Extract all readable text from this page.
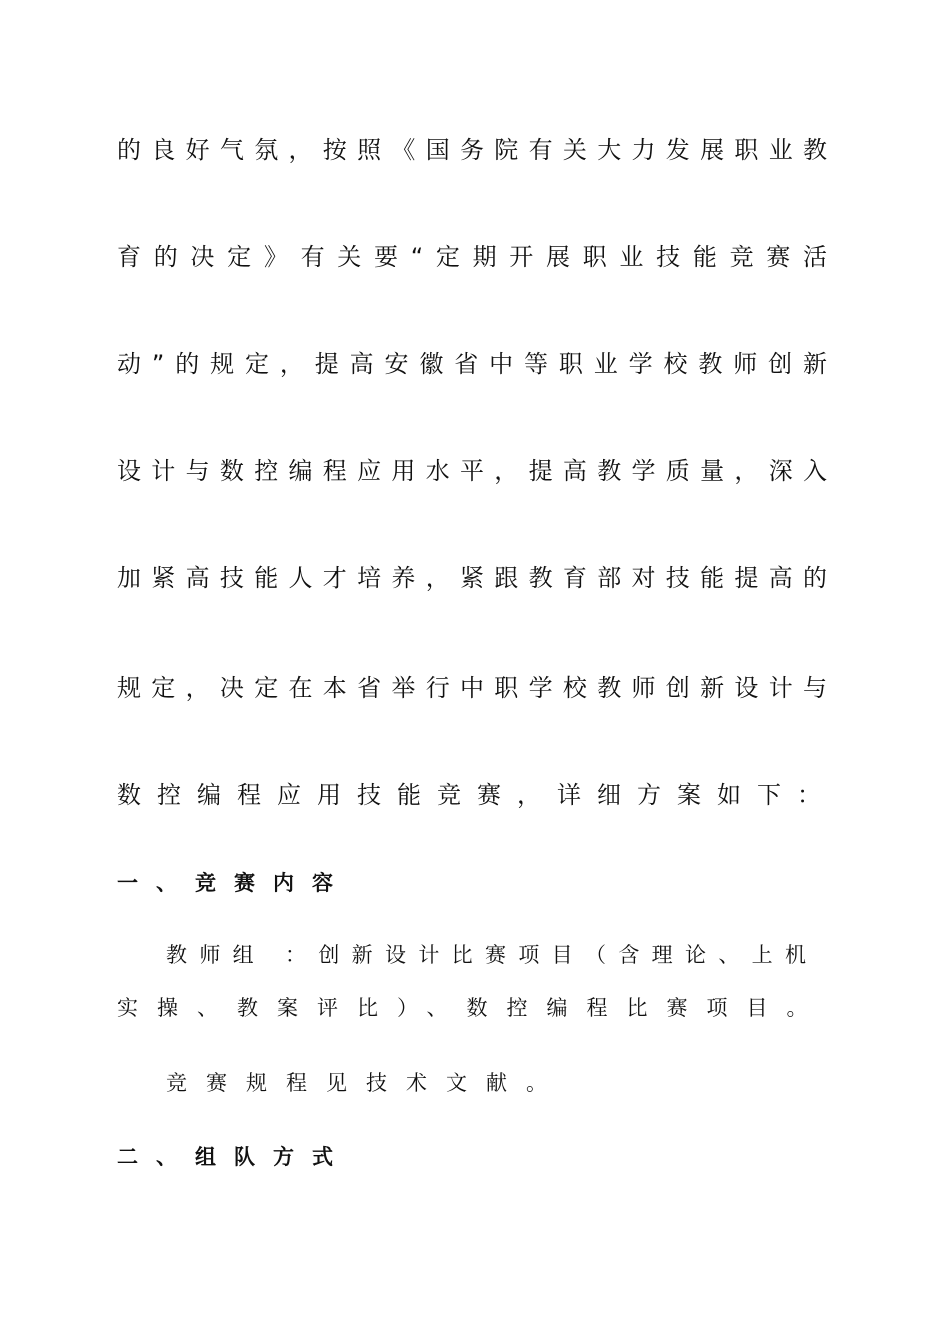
的良好气氛，按照《国务院有关大力发展职业教
育的决定》有关要“定期开展职业技能竞赛活
动”的规定，提高安徽省中等职业学校教师创新
设计与数控编程应用水平，提高教学质量，深入
加紧高技能人才培养，紧跟教育部对技能提高的
规定，决定在本省举行中职学校教师创新设计与
数控编程应用技能竞赛，详细方案如下：
一、竞赛内容
教师组 ：创新设计比赛项目（含理论、上机
实操、教案评比）、数控编程比赛项目。
竞赛规程见技术文献。
二、组队方式
